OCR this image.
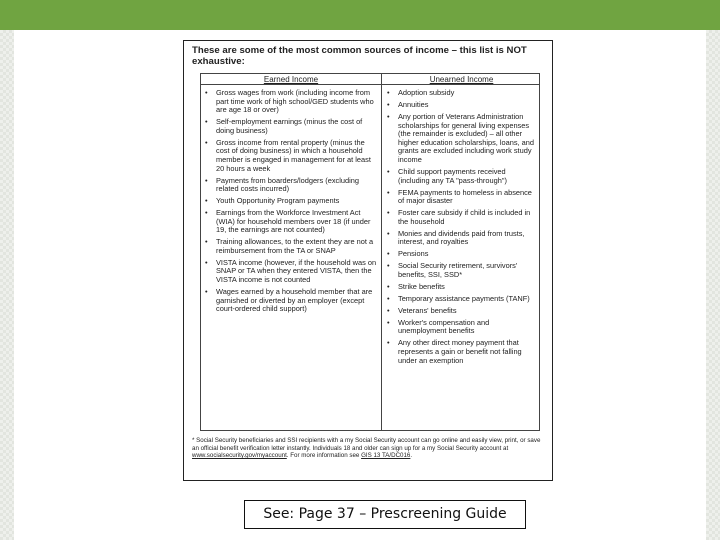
These are some of the most common sources of income – this list is NOT exhaustive:
Earned Income	Unearned Income
• Gross wages from work (including income from part time work of high school/GED students who are age 18 or over)
• Self-employment earnings (minus the cost of doing business)
• Gross income from rental property (minus the cost of doing business) in which a household member is engaged in management for at least 20 hours a week
• Payments from boarders/lodgers (excluding related costs incurred)
• Youth Opportunity Program payments
• Earnings from the Workforce Investment Act (WIA) for household members over 18 (if under 19, the earnings are not counted)
• Training allowances, to the extent they are not a reimbursement from the TA or SNAP
• VISTA income (however, if the household was on SNAP or TA when they entered VISTA, then the VISTA income is not counted
• Wages earned by a household member that are garnished or diverted by an employer (except court-ordered child support)
• Adoption subsidy
• Annuities
• Any portion of Veterans Administration scholarships for general living expenses (the remainder is excluded) – all other higher education scholarships, loans, and grants are excluded including work study income
• Child support payments received (including any TA "pass-through")
• FEMA payments to homeless in absence of major disaster
• Foster care subsidy if child is included in the household
• Monies and dividends paid from trusts, interest, and royalties
• Pensions
• Social Security retirement, survivors' benefits, SSI, SSD*
• Strike benefits
• Temporary assistance payments (TANF)
• Veterans' benefits
• Worker's compensation and unemployment benefits
• Any other direct money payment that represents a gain or benefit not falling under an exemption
* Social Security beneficiaries and SSI recipients with a my Social Security account can go online and easily view, print, or save an official benefit verification letter instantly. Individuals 18 and older can sign up for a my Social Security account at www.socialsecurity.gov/myaccount. For more information see GIS 13 TA/DC016.
See: Page 37 – Prescreening Guide
